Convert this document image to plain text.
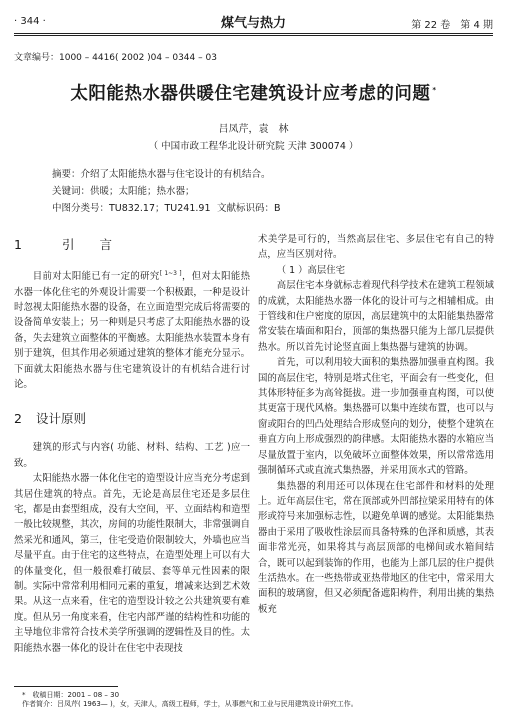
· 344 ·	煤气与热力	第 22 卷　第 4 期
文章编号：1000 – 4416( 2002 )04 – 0344 – 03
太阳能热水器供暖住宅建筑设计应考虑的问题 *
吕凤芹，袁　林
（ 中国市政工程华北设计研究院 天津 300074 ）
摘要：介绍了太阳能热水器与住宅设计的有机结合。
关键词：供暖；太阳能；热水器；
中图分类号：TU832.17；TU241.91 文献标识码：B
1	引　　言

目前对太阳能已有一定的研究[ 1~3 ]，但对太阳能热水器一体化住宅的外观设计需要一个积极跟，一种是设计时忽视太阳能热水器的设备，在立面造型完成后将需要的设备简单安装上；另一种则是只考虑了太阳能热水器的设备，失去建筑立面整体的平衡感。太阳能热水装置本身有别于建筑，但其作用必须通过建筑的整体才能充分显示。下面就太阳能热水器与住宅建筑设计的有机结合进行讨论。

2 设计原则

建筑的形式与内容( 功能、材料、结构、工艺 )应一致。

太阳能热水器一体化住宅的造型设计应当充分考虑到其居住建筑的特点。首先，无论是高层住宅还是多层住宅，都是由套型组成，没有大空间，平、立面结构和造型一般比较规整，其次，房间的功能性限制大，非常强调自然采光和通风，第三，住宅受造价限制较大，外墙也应当尽量平直。由于住宅的这些特点，在造型处理上可以有大的体量变化，但一般很难打破层、套等单元性因素的限制。实际中常常利用相同元素的重复，增减来达到艺术效果。从这一点来看，住宅的造型设计较之公共建筑要有难度。但从另一角度来看，住宅内部严谨的结构性和功能的主导地位非常符合技术美学所强调的逻辑性及目的性。太阳能热水器一体化的设计在住宅中表现技

术美学是可行的，当然高层住宅、多层住宅有自己的特点，应当区别对待。

（ 1 ）高层住宅

高层住宅本身就标志着现代科学技术在建筑工程领域的成就，太阳能热水器一体化的设计可与之相辅相成。由于管线和住户密度的原因，高层建筑中的太阳能集热器常常安装在墙面和阳台，顶部的集热器只能为上部几层提供热水。所以首先讨论竖直面上集热器与建筑的协调。

首先，可以利用较大面积的集热器加强垂直构图。我国的高层住宅，特别是塔式住宅，平面会有一些变化，但其体形特征多为高耸挺拔。进一步加强垂直构图，可以使其更富于现代风格。集热器可以集中连续布置，也可以与窗或阳台的凹凸处理结合形成竖向的划分，使整个建筑在垂直方向上形成强烈的韵律感。太阳能热水器的水箱应当尽量放置于室内，以免破坏立面整体效果，所以常常选用强制循环式或直流式集热器，并采用顶水式的管路。

集热器的利用还可以体现在住宅部件和材料的处理上。近年高层住宅，常在顶部或外凹部拉梁采用特有的体形或符号来加强标志性，以避免单调的感觉。太阳能集热器由于采用了吸收性涂层而具备特殊的色泽和质感，其表面非常光亮，如果将其与高层顶部的电梯间或水箱间结合，既可以起到装饰的作用，也能为上部几层的住户提供生活热水。在一些热带或亚热带地区的住宅中，常采用大面积的玻璃窗，但又必须配备遮阳构件，利用出挑的集热板充

*　收稿日期：2001 – 08 – 30
作者简介：吕凤芹( 1963— )，女，天津人，高级工程师，学士，从事燃气和工业与民用建筑设计研究工作。
